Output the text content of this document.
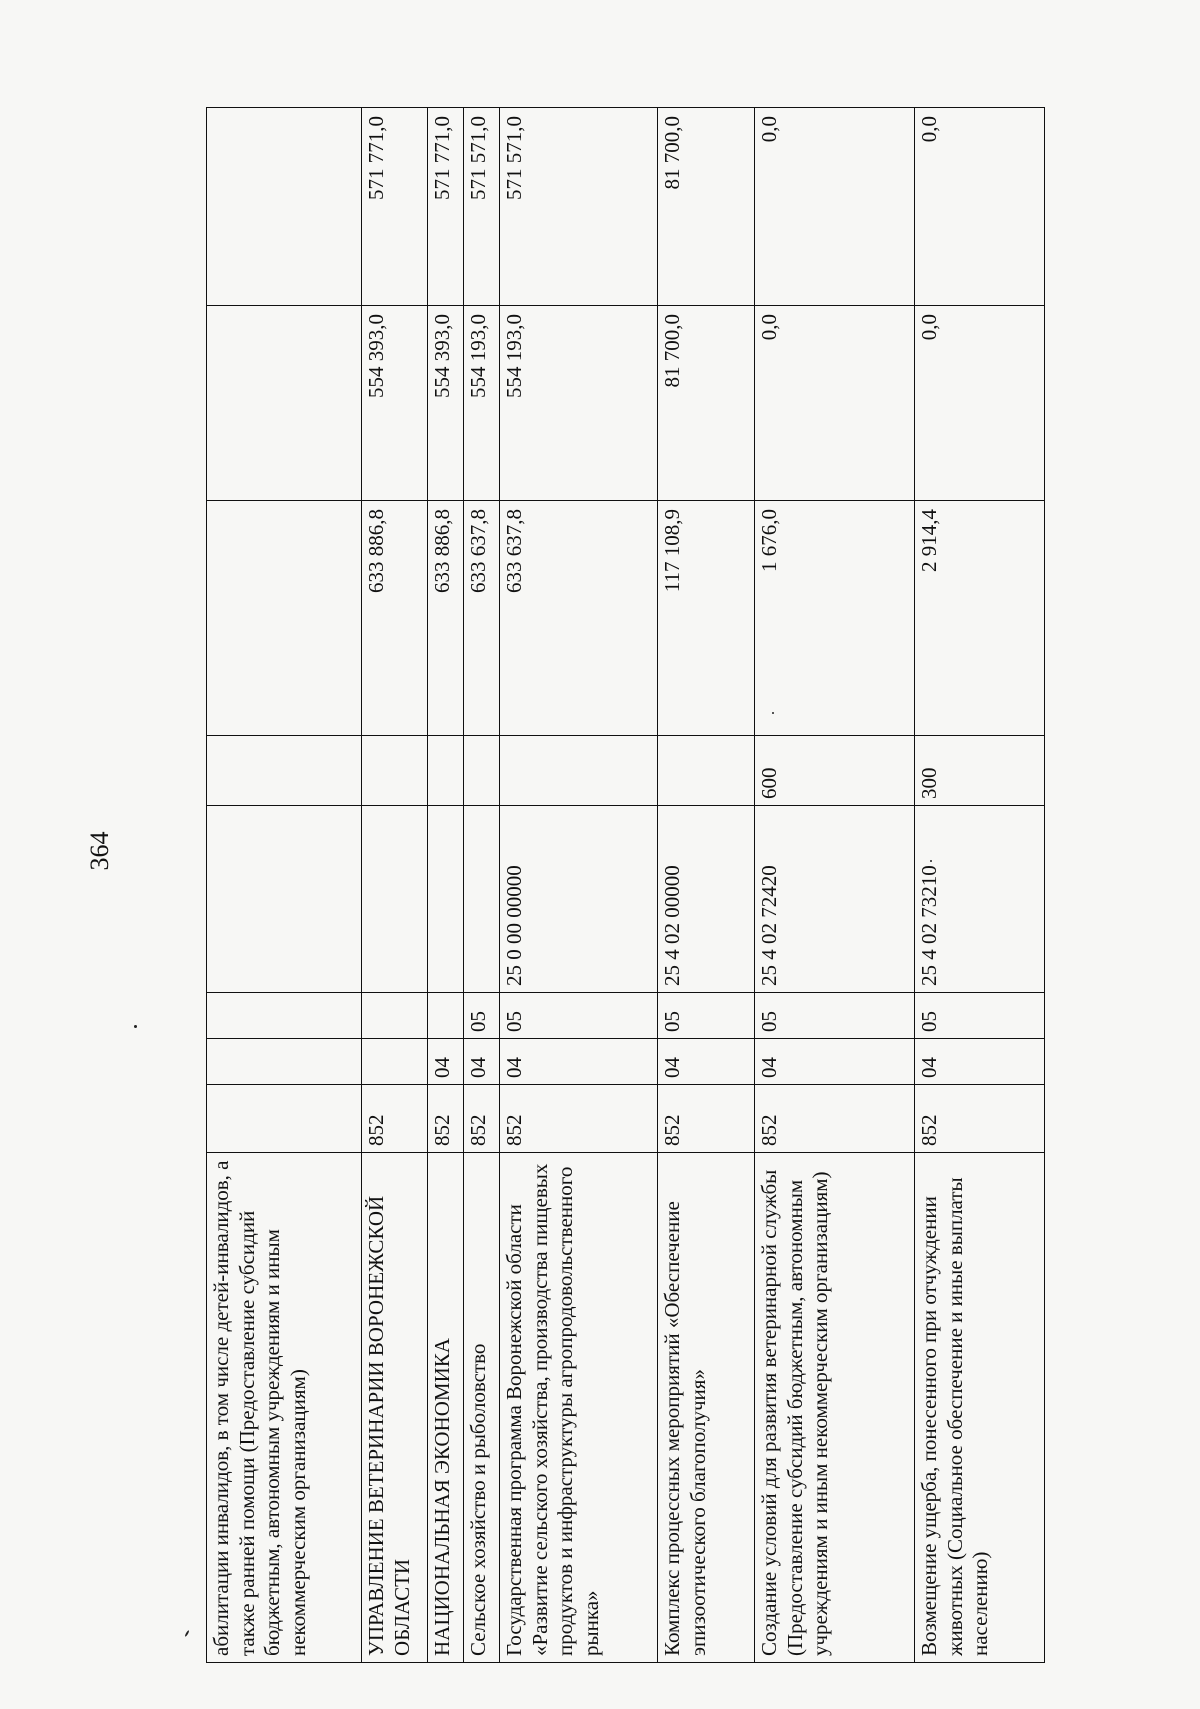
364
абилитации инвалидов, в том числе детей-инвалидов, а также ранней помощи (Предоставление субсидий бюджетным, автономным учреждениям и иным некоммерческим организациям)								
УПРАВЛЕНИЕ ВЕТЕРИНАРИИ ВОРОНЕЖСКОЙ ОБЛАСТИ	852					633 886,8	554 393,0	571 771,0
НАЦИОНАЛЬНАЯ ЭКОНОМИКА	852	04				633 886,8	554 393,0	571 771,0
Сельское хозяйство и рыболовство	852	04	05			633 637,8	554 193,0	571 571,0
Государственная программа Воронежской области «Развитие сельского хозяйства, производства пищевых продуктов и инфраструктуры агропродовольственного рынка»	852	04	05	25 0 00 00000		633 637,8	554 193,0	571 571,0
Комплекс процессных мероприятий «Обеспечение эпизоотического благополучия»	852	04	05	25 4 02 00000		117 108,9	81 700,0	81 700,0
Создание условий для развития ветеринарной службы (Предоставление субсидий бюджетным, автономным учреждениям и иным некоммерческим организациям)	852	04	05	25 4 02 72420	600	1 676,0	0,0	0,0
Возмещение ущерба, понесенного при отчуждении животных (Социальное обеспечение и иные выплаты населению)	852	04	05	25 4 02 73210	300	2 914,4	0,0	0,0
